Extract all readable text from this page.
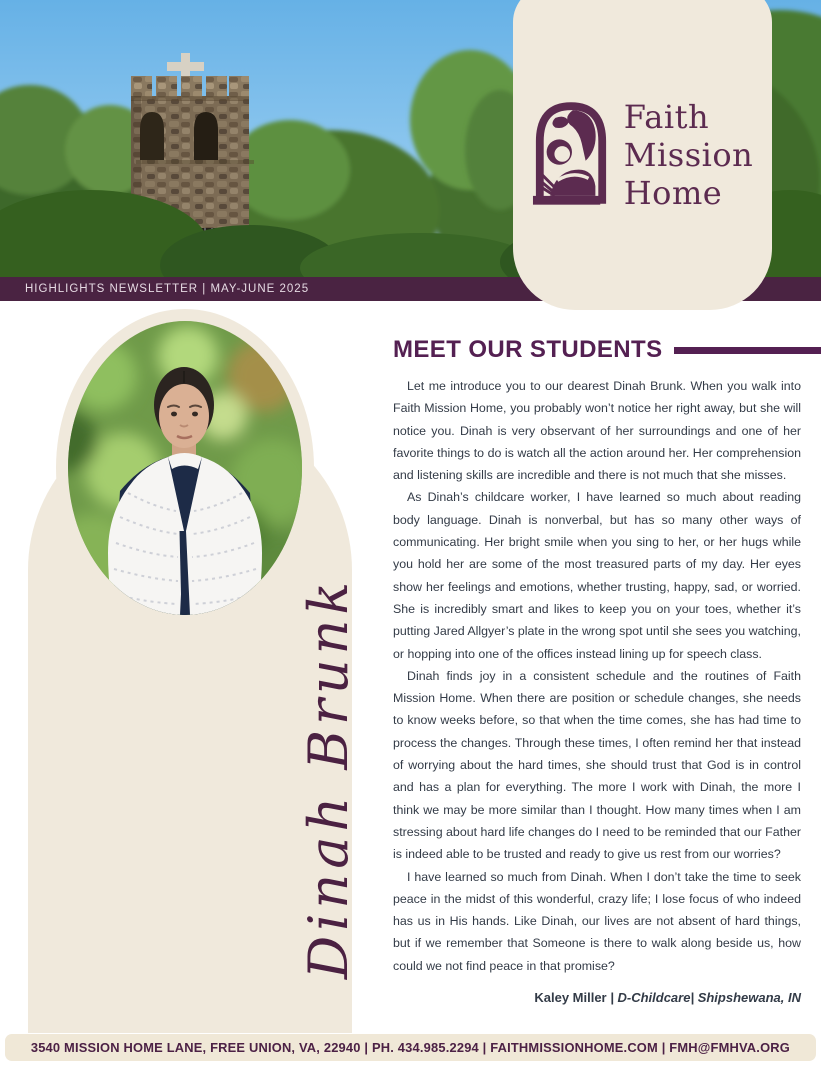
HIGHLIGHTS NEWSLETTER | MAY-JUNE 2025
Faith
Mission
Home
Dinah Brunk
MEET OUR STUDENTS

Let me introduce you to our dearest Dinah Brunk. When you walk into Faith Mission Home, you probably won’t notice her right away, but she will notice you. Dinah is very observant of her surroundings and one of her favorite things to do is watch all the action around her. Her comprehension and listening skills are incredible and there is not much that she misses.

As Dinah’s childcare worker, I have learned so much about reading body language. Dinah is nonverbal, but has so many other ways of communicating. Her bright smile when you sing to her, or her hugs while you hold her are some of the most treasured parts of my day. Her eyes show her feelings and emotions, whether trusting, happy, sad, or worried. She is incredibly smart and likes to keep you on your toes, whether it’s putting Jared Allgyer’s plate in the wrong spot until she sees you watching, or hopping into one of the offices instead lining up for speech class.

Dinah finds joy in a consistent schedule and the routines of Faith Mission Home. When there are position or schedule changes, she needs to know weeks before, so that when the time comes, she has had time to process the changes. Through these times, I often remind her that instead of worrying about the hard times, she should trust that God is in control and has a plan for everything. The more I work with Dinah, the more I think we may be more similar than I thought. How many times when I am stressing about hard life changes do I need to be reminded that our Father is indeed able to be trusted and ready to give us rest from our worries?

I have learned so much from Dinah. When I don’t take the time to seek peace in the midst of this wonderful, crazy life; I lose focus of who indeed has us in His hands. Like Dinah, our lives are not absent of hard things, but if we remember that Someone is there to walk along beside us, how could we not find peace in that promise?

Kaley Miller | D-Childcare| Shipshewana, IN
3540 MISSION HOME LANE, FREE UNION, VA, 22940 | PH. 434.985.2294 | FAITHMISSIONHOME.COM | FMH@FMHVA.ORG
